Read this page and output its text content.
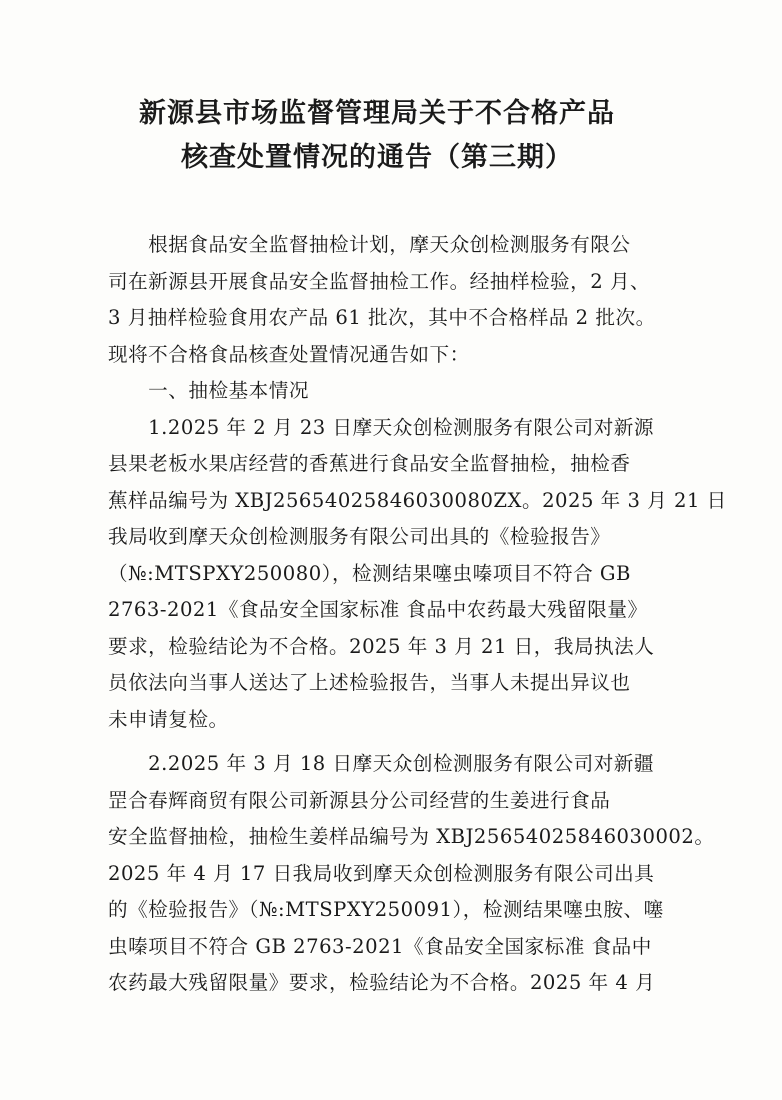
新源县市场监督管理局关于不合格产品
核查处置情况的通告（第三期）
　　根据食品安全监督抽检计划，摩天众创检测服务有限公
司在新源县开展食品安全监督抽检工作。经抽样检验，2 月、
3 月抽样检验食用农产品 61 批次，其中不合格样品 2 批次。
现将不合格食品核查处置情况通告如下：
　　一、抽检基本情况
　　1.2025 年 2 月 23 日摩天众创检测服务有限公司对新源
县果老板水果店经营的香蕉进行食品安全监督抽检，抽检香
蕉样品编号为 XBJ25654025846030080ZX。2025 年 3 月 21 日
我局收到摩天众创检测服务有限公司出具的《检验报告》
（№:MTSPXY250080），检测结果噻虫嗪项目不符合 GB
2763-2021《食品安全国家标准 食品中农药最大残留限量》
要求，检验结论为不合格。2025 年 3 月 21 日，我局执法人
员依法向当事人送达了上述检验报告，当事人未提出异议也
未申请复检。
　　2.2025 年 3 月 18 日摩天众创检测服务有限公司对新疆
罡合春辉商贸有限公司新源县分公司经营的生姜进行食品
安全监督抽检，抽检生姜样品编号为 XBJ25654025846030002。
2025 年 4 月 17 日我局收到摩天众创检测服务有限公司出具
的《检验报告》（№:MTSPXY250091），检测结果噻虫胺、噻
虫嗪项目不符合 GB 2763-2021《食品安全国家标准 食品中
农药最大残留限量》要求，检验结论为不合格。2025 年 4 月
